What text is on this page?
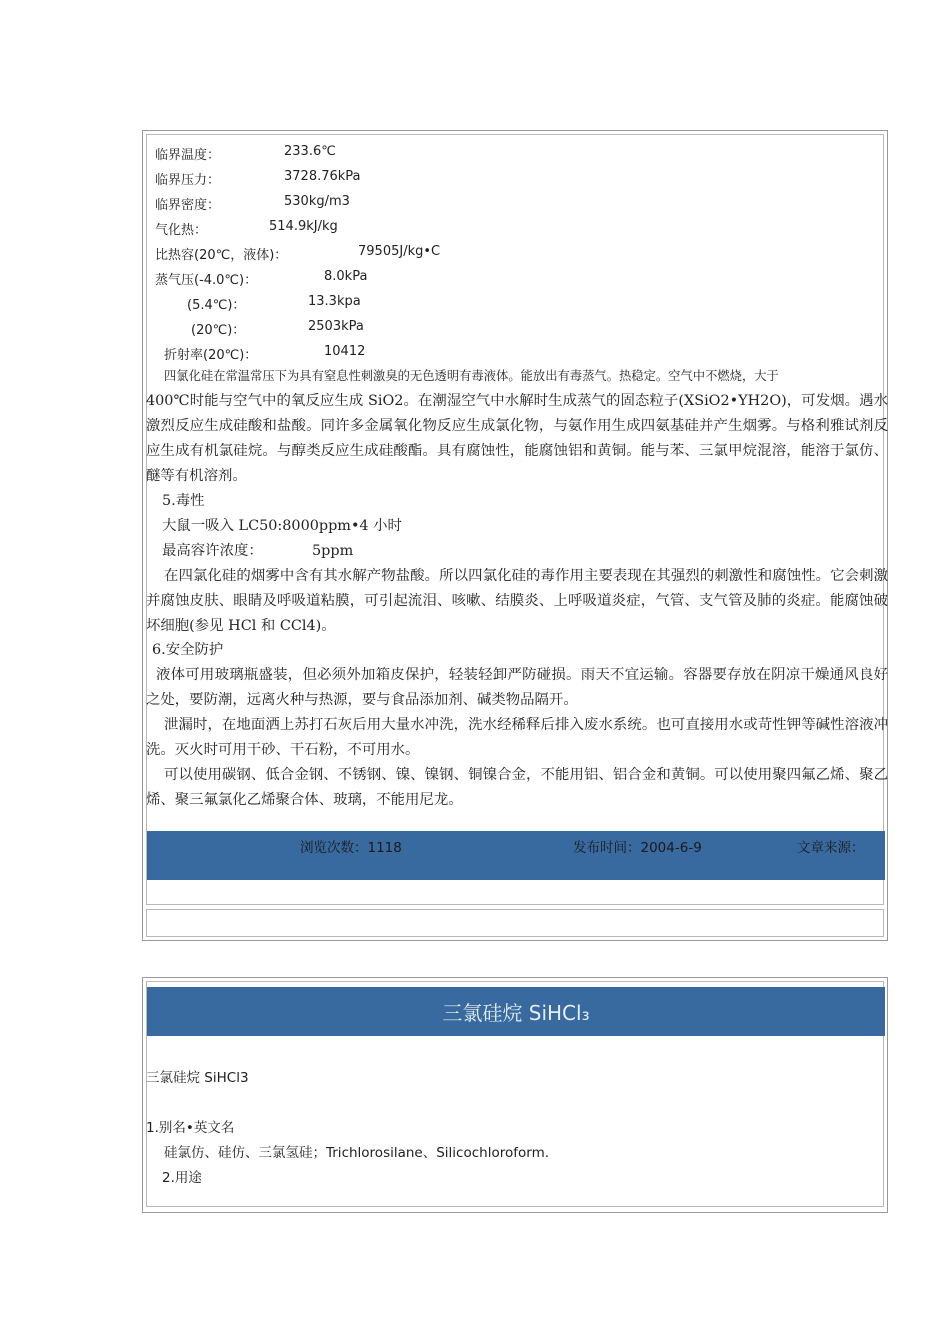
临界温度：	233.6℃
临界压力：	3728.76kPa
临界密度：	530kg/m3
气化热：	514.9kJ/kg
比热容(20℃，液体)：	79505J/kg•C
蒸气压(-4.0℃)：	8.0kPa
(5.4℃)：	13.3kpa
(20℃)：	2503kPa
折射率(20℃)：	10412
四氯化硅在常温常压下为具有窒息性刺激臭的无色透明有毒液体。能放出有毒蒸气。热稳定。空气中不燃烧，大于

400℃时能与空气中的氧反应生成 SiO2。在潮湿空气中水解时生成蒸气的固态粒子(XSiO2•YH2O)，可发烟。遇水激烈反应生成硅酸和盐酸。同许多金属氧化物反应生成氯化物，与氨作用生成四氨基硅并产生烟雾。与格利雅试剂反应生成有机氯硅烷。与醇类反应生成硅酸酯。具有腐蚀性，能腐蚀铝和黄铜。能与苯、三氯甲烷混溶，能溶于氯仿、醚等有机溶剂。

5.毒性
大鼠一吸入 LC50:8000ppm•4 小时
最高容许浓度：	5ppm

在四氯化硅的烟雾中含有其水解产物盐酸。所以四氯化硅的毒作用主要表现在其强烈的刺激性和腐蚀性。它会刺激并腐蚀皮肤、眼睛及呼吸道粘膜，可引起流泪、咳嗽、结膜炎、上呼吸道炎症，气管、支气管及肺的炎症。能腐蚀破坏细胞(参见 HCl 和 CCl4)。

6.安全防护

液体可用玻璃瓶盛装，但必须外加箱皮保护，轻装轻卸严防碰损。雨天不宜运输。容器要存放在阴凉干燥通风良好之处，要防潮，远离火种与热源，要与食品添加剂、碱类物品隔开。

泄漏时，在地面洒上苏打石灰后用大量水冲洗，洗水经稀释后排入废水系统。也可直接用水或苛性钾等碱性溶液冲洗。灭火时可用干砂、干石粉，不可用水。

可以使用碳钢、低合金钢、不锈钢、镍、镍钢、铜镍合金，不能用铝、铝合金和黄铜。可以使用聚四氟乙烯、聚乙烯、聚三氟氯化乙烯聚合体、玻璃，不能用尼龙。

浏览次数：1118	发布时间：2004-6-9	文章来源：
三氯硅烷 SiHCl₃
三氯硅烷 SiHCl3
1.别名•英文名
硅氯仿、硅仿、三氯氢硅；Trichlorosilane、Silicochloroform.
2.用途
